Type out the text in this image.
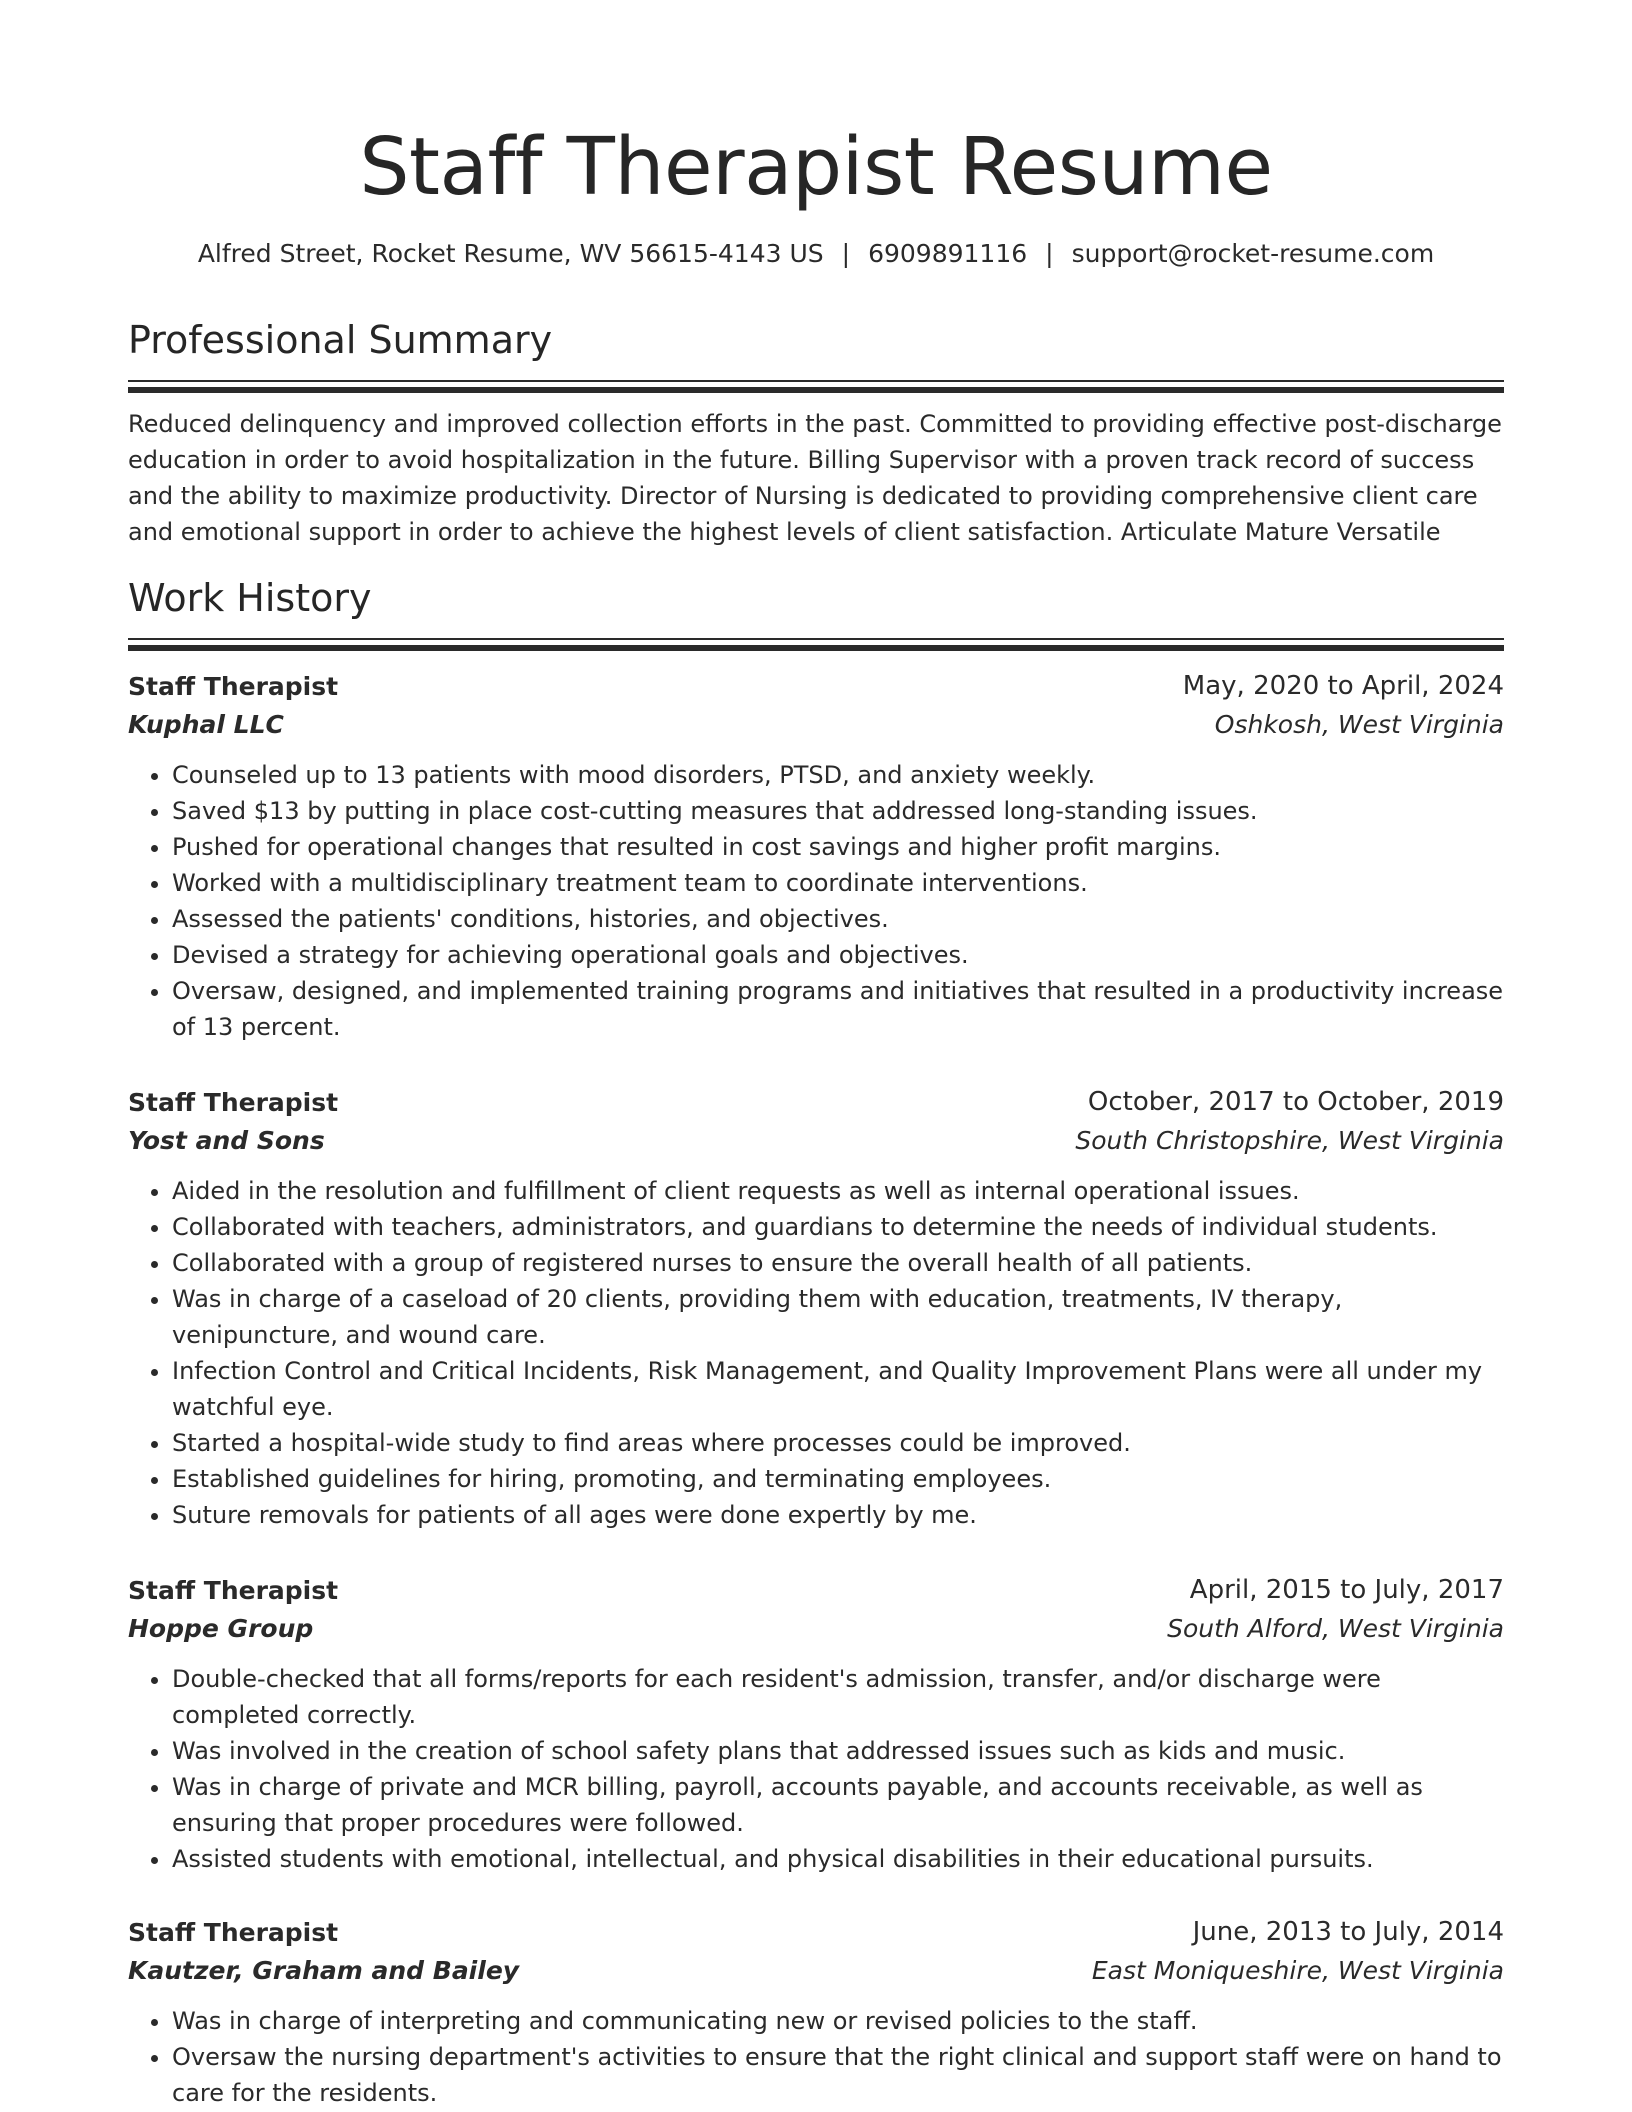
Staff Therapist Resume
Alfred Street, Rocket Resume, WV 56615-4143 US | 6909891116 | support@rocket-resume.com
Professional Summary

Reduced delinquency and improved collection efforts in the past. Committed to providing effective post-discharge education in order to avoid hospitalization in the future. Billing Supervisor with a proven track record of success and the ability to maximize productivity. Director of Nursing is dedicated to providing comprehensive client care and emotional support in order to achieve the highest levels of client satisfaction. Articulate Mature Versatile

Work History
Staff Therapist	May, 2020 to April, 2024
Kuphal LLC	Oshkosh, West Virginia
• Counseled up to 13 patients with mood disorders, PTSD, and anxiety weekly.
• Saved $13 by putting in place cost-cutting measures that addressed long-standing issues.
• Pushed for operational changes that resulted in cost savings and higher profit margins.
• Worked with a multidisciplinary treatment team to coordinate interventions.
• Assessed the patients' conditions, histories, and objectives.
• Devised a strategy for achieving operational goals and objectives.
• Oversaw, designed, and implemented training programs and initiatives that resulted in a productivity increase of 13 percent.
Staff Therapist	October, 2017 to October, 2019
Yost and Sons	South Christopshire, West Virginia
• Aided in the resolution and fulfillment of client requests as well as internal operational issues.
• Collaborated with teachers, administrators, and guardians to determine the needs of individual students.
• Collaborated with a group of registered nurses to ensure the overall health of all patients.
• Was in charge of a caseload of 20 clients, providing them with education, treatments, IV therapy, venipuncture, and wound care.
• Infection Control and Critical Incidents, Risk Management, and Quality Improvement Plans were all under my watchful eye.
• Started a hospital-wide study to find areas where processes could be improved.
• Established guidelines for hiring, promoting, and terminating employees.
• Suture removals for patients of all ages were done expertly by me.
Staff Therapist	April, 2015 to July, 2017
Hoppe Group	South Alford, West Virginia
• Double-checked that all forms/reports for each resident's admission, transfer, and/or discharge were completed correctly.
• Was involved in the creation of school safety plans that addressed issues such as kids and music.
• Was in charge of private and MCR billing, payroll, accounts payable, and accounts receivable, as well as ensuring that proper procedures were followed.
• Assisted students with emotional, intellectual, and physical disabilities in their educational pursuits.
Staff Therapist	June, 2013 to July, 2014
Kautzer, Graham and Bailey	East Moniqueshire, West Virginia
• Was in charge of interpreting and communicating new or revised policies to the staff.
• Oversaw the nursing department's activities to ensure that the right clinical and support staff were on hand to care for the residents.
